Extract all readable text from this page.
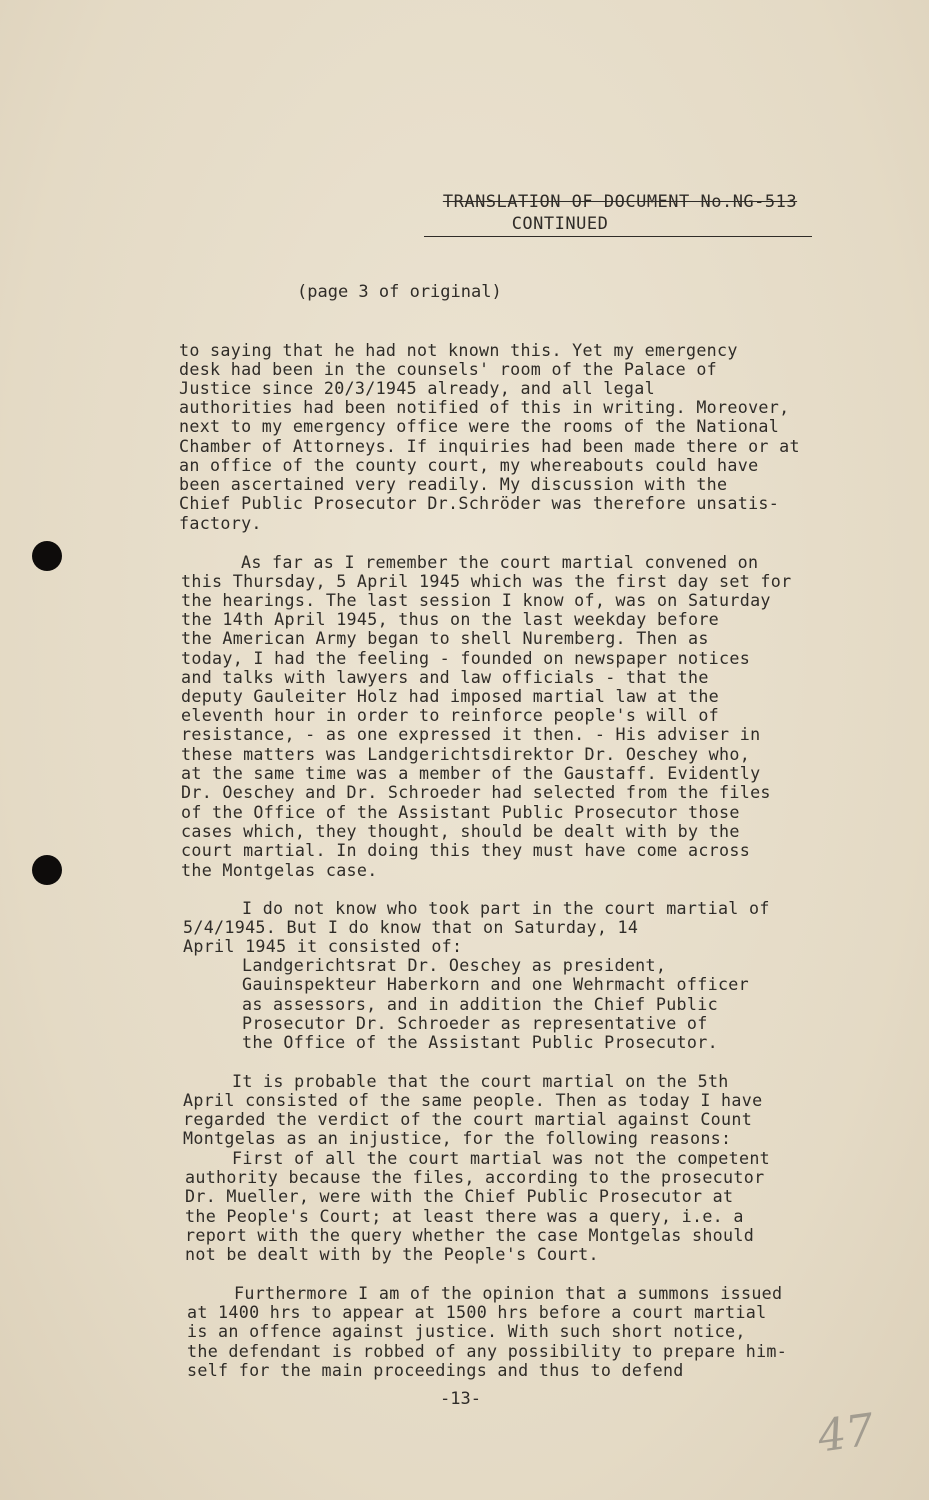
TRANSLATION OF DOCUMENT No.NG-513
CONTINUED
(page 3 of original)
to saying that he had not known this. Yet my emergency
desk had been in the counsels' room of the Palace of
Justice since 20/3/1945 already, and all legal
authorities had been notified of this in writing. Moreover,
next to my emergency office were the rooms of the National
Chamber of Attorneys. If inquiries had been made there or at
an office of the county court, my whereabouts could have
been ascertained very readily. My discussion with the
Chief Public Prosecutor Dr.Schröder was therefore unsatis-
factory.
As far as I remember the court martial convened on
this Thursday, 5 April 1945 which was the first day set for
the hearings. The last session I know of, was on Saturday
the 14th April 1945, thus on the last weekday before
the American Army began to shell Nuremberg. Then as
today, I had the feeling - founded on newspaper notices
and talks with lawyers and law officials - that the
deputy Gauleiter Holz had imposed martial law at the
eleventh hour in order to reinforce people's will of
resistance, - as one expressed it then. - His adviser in
these matters was Landgerichtsdirektor Dr. Oeschey who,
at the same time was a member of the Gaustaff. Evidently
Dr. Oeschey and Dr. Schroeder had selected from the files
of the Office of the Assistant Public Prosecutor those
cases which, they thought, should be dealt with by the
court martial. In doing this they must have come across
the Montgelas case.
I do not know who took part in the court martial of
5/4/1945. But I do know that on Saturday, 14
April 1945 it consisted of:
Landgerichtsrat Dr. Oeschey as president,
Gauinspekteur Haberkorn and one Wehrmacht officer
as assessors, and in addition the Chief Public
Prosecutor Dr. Schroeder as representative of
the Office of the Assistant Public Prosecutor.
It is probable that the court martial on the 5th
April consisted of the same people. Then as today I have
regarded the verdict of the court martial against Count
Montgelas as an injustice, for the following reasons:
First of all the court martial was not the competent
authority because the files, according to the prosecutor
Dr. Mueller, were with the Chief Public Prosecutor at
the People's Court; at least there was a query, i.e. a
report with the query whether the case Montgelas should
not be dealt with by the People's Court.
Furthermore I am of the opinion that a summons issued
at 1400 hrs to appear at 1500 hrs before a court martial
is an offence against justice. With such short notice,
the defendant is robbed of any possibility to prepare him-
self for the main proceedings and thus to defend
-13-
47
